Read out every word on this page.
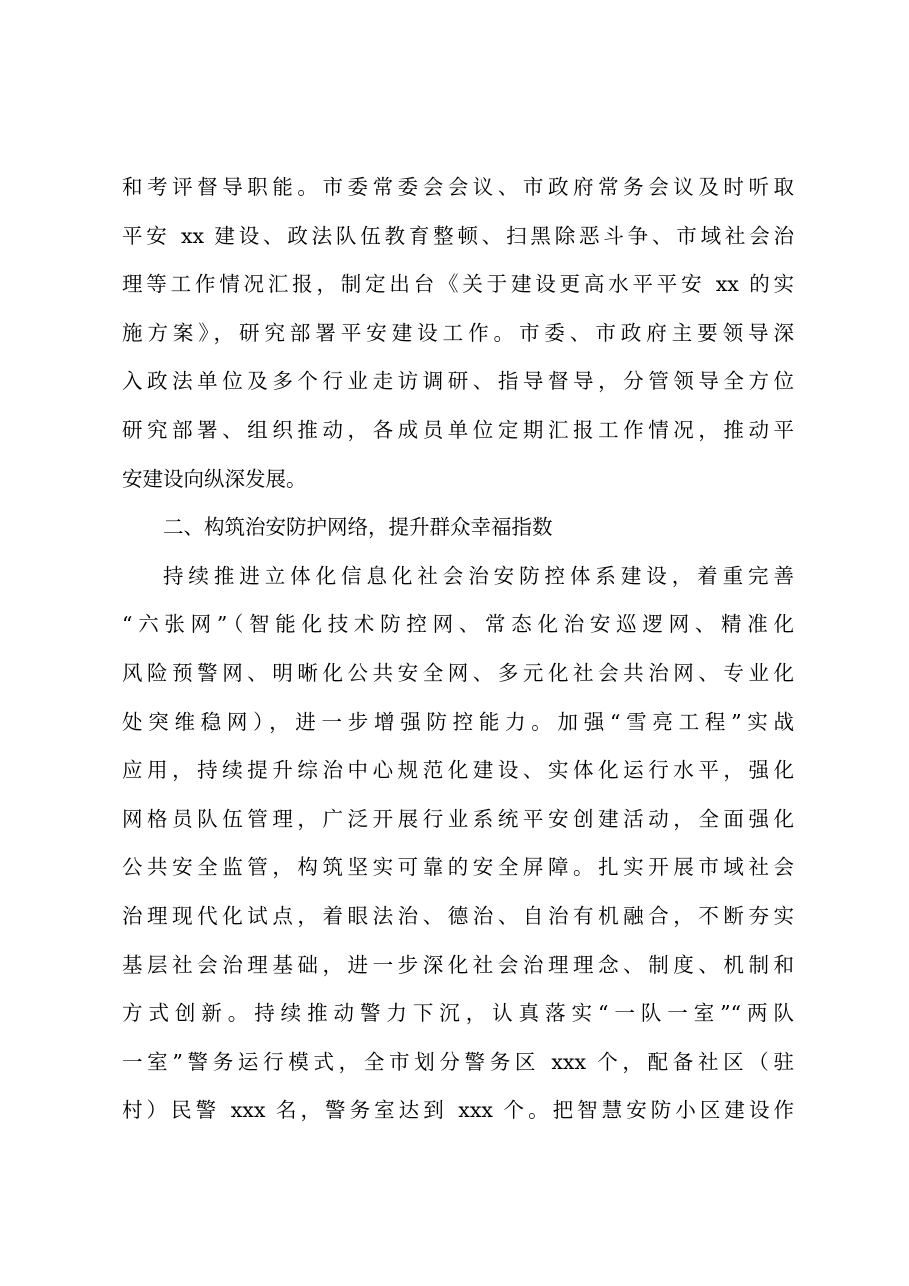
和考评督导职能。市委常委会会议、市政府常务会议及时听取
平安 xx 建设、政法队伍教育整顿、扫黑除恶斗争、市域社会治
理等工作情况汇报，制定出台《关于建设更高水平平安 xx 的实
施方案》，研究部署平安建设工作。市委、市政府主要领导深
入政法单位及多个行业走访调研、指导督导，分管领导全方位
研究部署、组织推动，各成员单位定期汇报工作情况，推动平
安建设向纵深发展。
二、构筑治安防护网络，提升群众幸福指数
持续推进立体化信息化社会治安防控体系建设，着重完善
“六张网”（智能化技术防控网、常态化治安巡逻网、精准化
风险预警网、明晰化公共安全网、多元化社会共治网、专业化
处突维稳网），进一步增强防控能力。加强“雪亮工程”实战
应用，持续提升综治中心规范化建设、实体化运行水平，强化
网格员队伍管理，广泛开展行业系统平安创建活动，全面强化
公共安全监管，构筑坚实可靠的安全屏障。扎实开展市域社会
治理现代化试点，着眼法治、德治、自治有机融合，不断夯实
基层社会治理基础，进一步深化社会治理理念、制度、机制和
方式创新。持续推动警力下沉，认真落实“一队一室”“两队
一室”警务运行模式，全市划分警务区 xxx 个，配备社区（驻
村）民警 xxx 名，警务室达到 xxx 个。把智慧安防小区建设作
